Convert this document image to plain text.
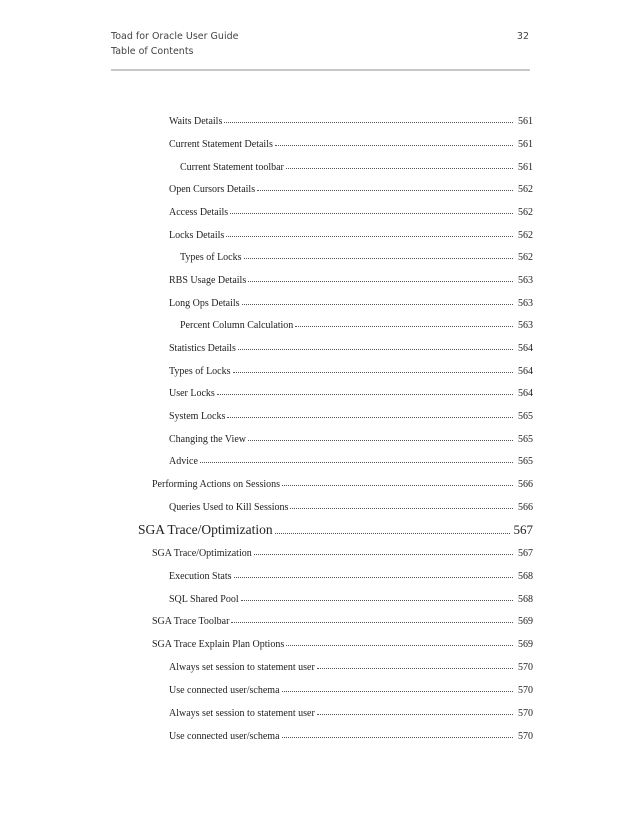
Toad for Oracle User Guide
Table of Contents
32
Waits Details	561
Current Statement Details	561
Current Statement toolbar	561
Open Cursors Details	562
Access Details	562
Locks Details	562
Types of Locks	562
RBS Usage Details	563
Long Ops Details	563
Percent Column Calculation	563
Statistics Details	564
Types of Locks	564
User Locks	564
System Locks	565
Changing the View	565
Advice	565
Performing Actions on Sessions	566
Queries Used to Kill Sessions	566
SGA Trace/Optimization	567
SGA Trace/Optimization	567
Execution Stats	568
SQL Shared Pool	568
SGA Trace Toolbar	569
SGA Trace Explain Plan Options	569
Always set session to statement user	570
Use connected user/schema	570
Always set session to statement user	570
Use connected user/schema	570
